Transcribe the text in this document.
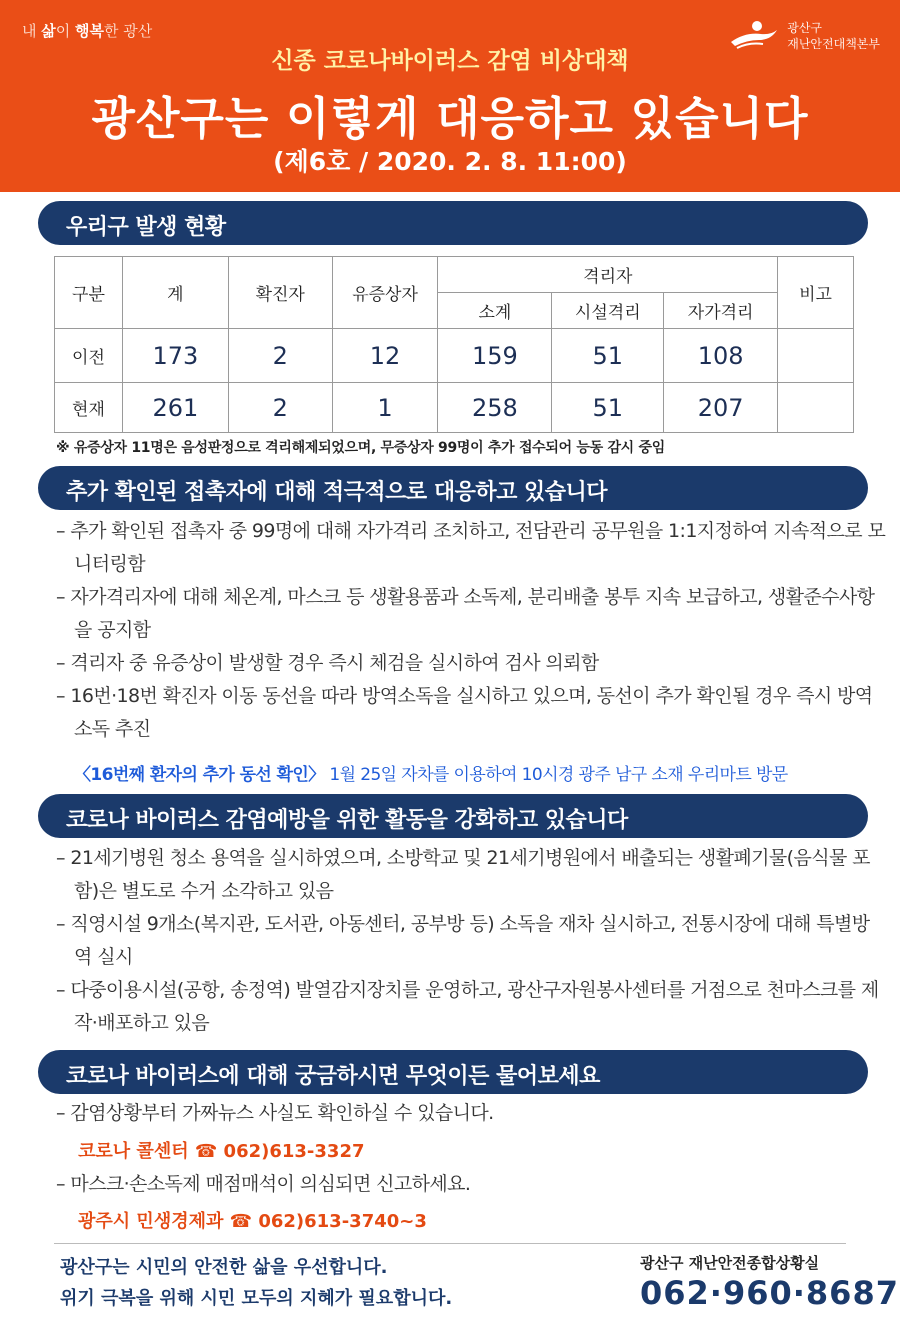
내 삶이 행복한 광산	광산구
재난안전대책본부
신종 코로나바이러스 감염 비상대책
광산구는 이렇게 대응하고 있습니다
(제6호 / 2020. 2. 8. 11:00)
우리구 발생 현황
구분	계	확진자	유증상자	격리자			비고
				소계	시설격리	자가격리	
이전	173	2	12	159	51	108	
현재	261	2	1	258	51	207	
※ 유증상자 11명은 음성판정으로 격리해제되었으며, 무증상자 99명이 추가 접수되어 능동 감시 중임
추가 확인된 접촉자에 대해 적극적으로 대응하고 있습니다
– 추가 확인된 접촉자 중 99명에 대해 자가격리 조치하고, 전담관리 공무원을 1:1지정하여 지속적으로 모니터링함
– 자가격리자에 대해 체온계, 마스크 등 생활용품과 소독제, 분리배출 봉투 지속 보급하고, 생활준수사항을 공지함
– 격리자 중 유증상이 발생할 경우 즉시 체검을 실시하여 검사 의뢰함
– 16번·18번 확진자 이동 동선을 따라 방역소독을 실시하고 있으며, 동선이 추가 확인될 경우 즉시 방역 소독 추진
〈16번째 환자의 추가 동선 확인〉 1월 25일 자차를 이용하여 10시경 광주 남구 소재 우리마트 방문
코로나 바이러스 감염예방을 위한 활동을 강화하고 있습니다
– 21세기병원 청소 용역을 실시하였으며, 소방학교 및 21세기병원에서 배출되는 생활폐기물(음식물 포함)은 별도로 수거 소각하고 있음
– 직영시설 9개소(복지관, 도서관, 아동센터, 공부방 등) 소독을 재차 실시하고, 전통시장에 대해 특별방역 실시
– 다중이용시설(공항, 송정역) 발열감지장치를 운영하고, 광산구자원봉사센터를 거점으로 천마스크를 제작·배포하고 있음
코로나 바이러스에 대해 궁금하시면 무엇이든 물어보세요
– 감염상황부터 가짜뉴스 사실도 확인하실 수 있습니다.
코로나 콜센터 ☎ 062)613-3327
– 마스크·손소독제 매점매석이 의심되면 신고하세요.
광주시 민생경제과 ☎ 062)613-3740~3
광산구는 시민의 안전한 삶을 우선합니다.
위기 극복을 위해 시민 모두의 지혜가 필요합니다.
광산구 재난안전종합상황실
062·960·8687
